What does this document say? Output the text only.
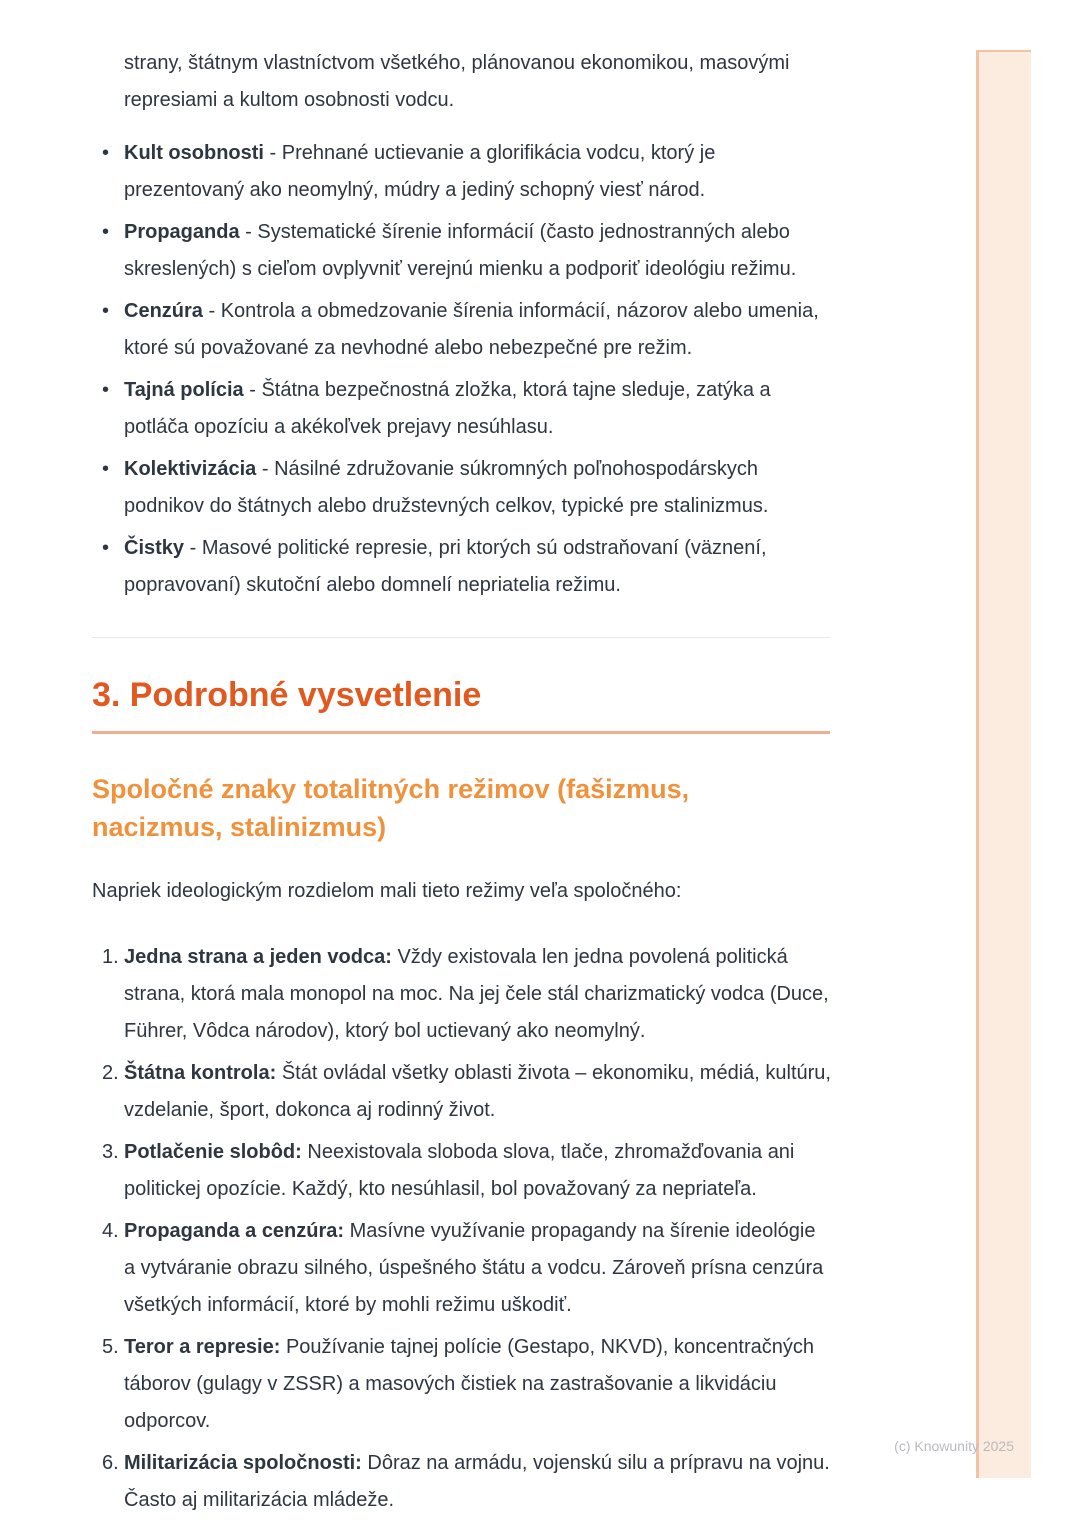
strany, štátnym vlastníctvom všetkého, plánovanou ekonomikou, masovými represiami a kultom osobnosti vodcu.

• Kult osobnosti - Prehnané uctievanie a glorifikácia vodcu, ktorý je prezentovaný ako neomylný, múdry a jediný schopný viesť národ.

• Propaganda - Systematické šírenie informácií (často jednostranných alebo skreslených) s cieľom ovplyvniť verejnú mienku a podporiť ideológiu režimu.

• Cenzúra - Kontrola a obmedzovanie šírenia informácií, názorov alebo umenia, ktoré sú považované za nevhodné alebo nebezpečné pre režim.

• Tajná polícia - Štátna bezpečnostná zložka, ktorá tajne sleduje, zatýka a potláča opozíciu a akékoľvek prejavy nesúhlasu.

• Kolektivizácia - Násilné združovanie súkromných poľnohospodárskych podnikov do štátnych alebo družstevných celkov, typické pre stalinizmus.

• Čistky - Masové politické represie, pri ktorých sú odstraňovaní (väznení, popravovaní) skutoční alebo domnelí nepriatelia režimu.

3. Podrobné vysvetlenie
Spoločné znaky totalitných režimov (fašizmus, nacizmus, stalinizmus)

Napriek ideologickým rozdielom mali tieto režimy veľa spoločného:

1. Jedna strana a jeden vodca: Vždy existovala len jedna povolená politická strana, ktorá mala monopol na moc. Na jej čele stál charizmatický vodca (Duce, Führer, Vôdca národov), ktorý bol uctievaný ako neomylný.

2. Štátna kontrola: Štát ovládal všetky oblasti života – ekonomiku, médiá, kultúru, vzdelanie, šport, dokonca aj rodinný život.

3. Potlačenie slobôd: Neexistovala sloboda slova, tlače, zhromažďovania ani politickej opozície. Každý, kto nesúhlasil, bol považovaný za nepriateľa.

4. Propaganda a cenzúra: Masívne využívanie propagandy na šírenie ideológie a vytváranie obrazu silného, úspešného štátu a vodcu. Zároveň prísna cenzúra všetkých informácií, ktoré by mohli režimu uškodiť.

5. Teror a represie: Používanie tajnej polície (Gestapo, NKVD), koncentračných táborov (gulagy v ZSSR) a masových čistiek na zastrašovanie a likvidáciu odporcov.

6. Militarizácia spoločnosti: Dôraz na armádu, vojenskú silu a prípravu na vojnu. Často aj militarizácia mládeže.

(c) Knowunity 2025
